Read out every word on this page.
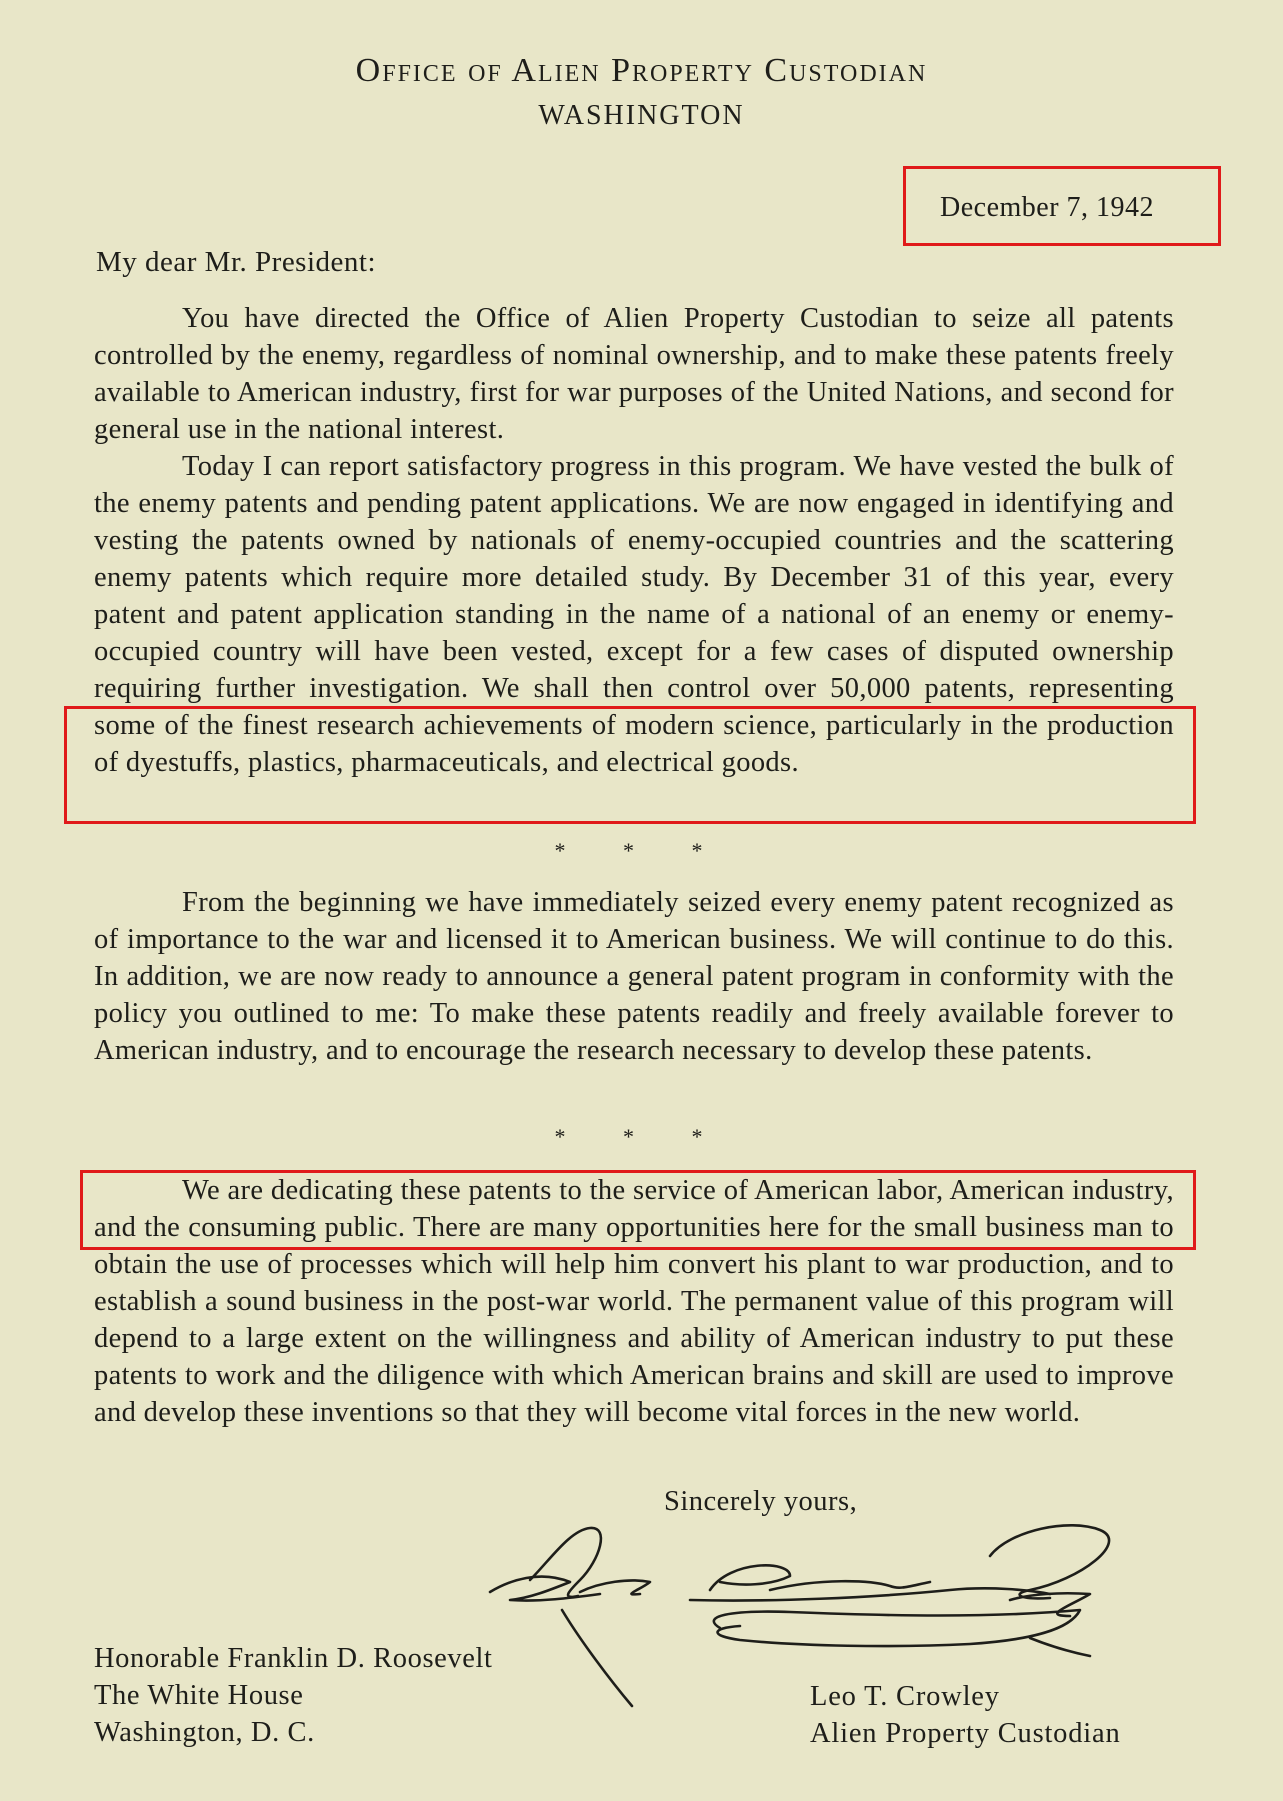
Office of Alien Property Custodian
WASHINGTON
December 7, 1942
My dear Mr. President:

You have directed the Office of Alien Property Custodian to seize all patents controlled by the enemy, regardless of nominal ownership, and to make these patents freely available to American industry, first for war purposes of the United Nations, and second for general use in the national interest.

Today I can report satisfactory progress in this program. We have vested the bulk of the enemy patents and pending patent applications. We are now engaged in identifying and vesting the patents owned by nationals of enemy-occupied countries and the scattering enemy patents which require more detailed study. By December 31 of this year, every patent and patent application standing in the name of a national of an enemy or enemy-occupied country will have been vested, except for a few cases of disputed ownership requiring further investigation. We shall then control over 50,000 patents, representing some of the finest research achievements of modern science, particularly in the production of dyestuffs, plastics, pharmaceuticals, and electrical goods.

* * *

From the beginning we have immediately seized every enemy patent recognized as of importance to the war and licensed it to American business. We will continue to do this. In addition, we are now ready to announce a general patent program in conformity with the policy you outlined to me: To make these patents readily and freely available forever to American industry, and to encourage the research necessary to develop these patents.

* * *

We are dedicating these patents to the service of American labor, American industry, and the consuming public. There are many opportunities here for the small business man to obtain the use of processes which will help him convert his plant to war production, and to establish a sound business in the post-war world. The permanent value of this program will depend to a large extent on the willingness and ability of American industry to put these patents to work and the diligence with which American brains and skill are used to improve and develop these inventions so that they will become vital forces in the new world.

Sincerely yours,
Honorable Franklin D. Roosevelt
The White House
Washington, D. C.
Leo T. Crowley
Alien Property Custodian
